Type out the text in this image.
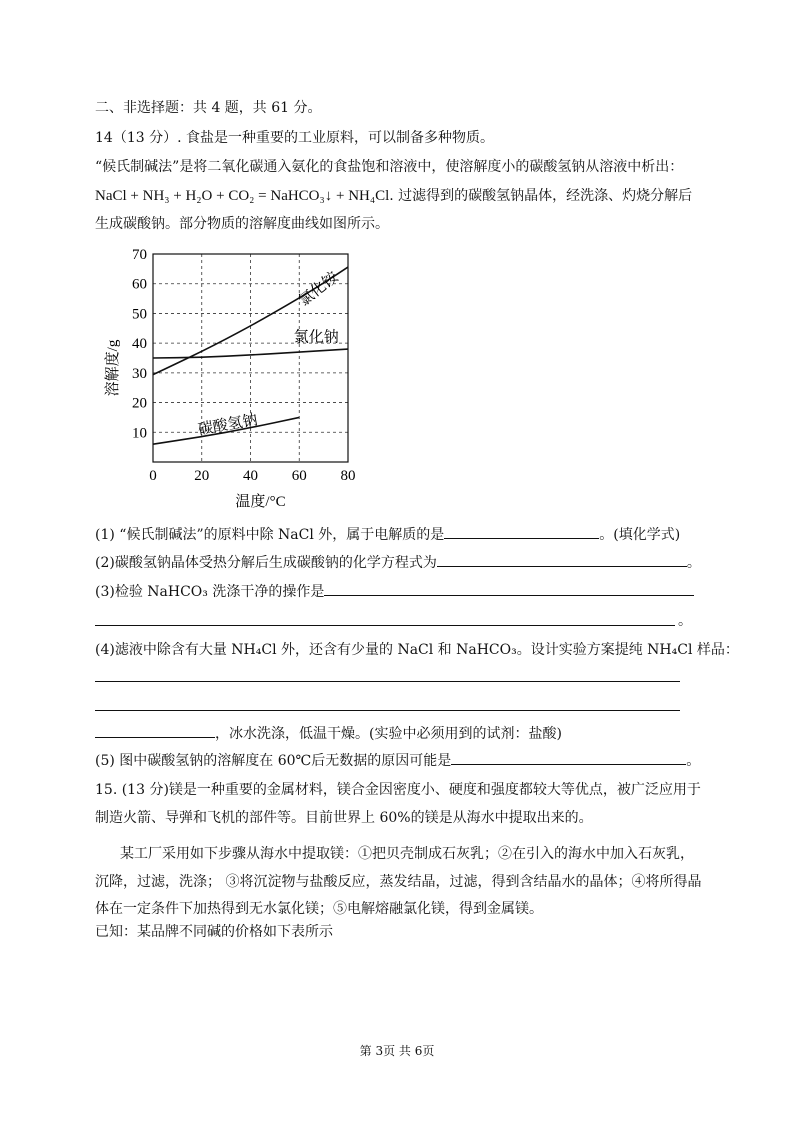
二、非选择题：共 4 题，共 61 分。
14（13 分）. 食盐是一种重要的工业原料，可以制备多种物质。
“候氏制碱法”是将二氧化碳通入氨化的食盐饱和溶液中，使溶解度小的碳酸氢钠从溶液中析出：
NaCl + NH₃ + H₂O + CO₂ = NaHCO₃↓ + NH₄Cl. 过滤得到的碳酸氢钠晶体，经洗涤、灼烧分解后
生成碳酸钠。部分物质的溶解度曲线如图所示。
0	20 40 60 80
10
20
30
40
50
60
70
温度/°C
溶解度/g
氯化铵
氯化钠
碳酸氢钠
(1) “候氏制碱法”的原料中除 NaCl 外，属于电解质的是	。(填化学式)
(2)碳酸氢钠晶体受热分解后生成碳酸钠的化学方程式为	。
(3)检验 NaHCO₃ 洗涤干净的操作是
。
(4)滤液中除含有大量 NH₄Cl 外，还含有少量的 NaCl 和 NaHCO₃。设计实验方案提纯 NH₄Cl 样品：
，冰水洗涤，低温干燥。(实验中必须用到的试剂：盐酸)
(5) 图中碳酸氢钠的溶解度在 60℃后无数据的原因可能是	。
15. (13 分)镁是一种重要的金属材料，镁合金因密度小、硬度和强度都较大等优点，被广泛应用于
制造火箭、导弹和飞机的部件等。目前世界上 60%的镁是从海水中提取出来的。
某工厂采用如下步骤从海水中提取镁：①把贝壳制成石灰乳；②在引入的海水中加入石灰乳，
沉降，过滤，洗涤； ③将沉淀物与盐酸反应，蒸发结晶，过滤，得到含结晶水的晶体；④将所得晶
体在一定条件下加热得到无水氯化镁；⑤电解熔融氯化镁，得到金属镁。
已知：某品牌不同碱的价格如下表所示
第 3页 共 6页
